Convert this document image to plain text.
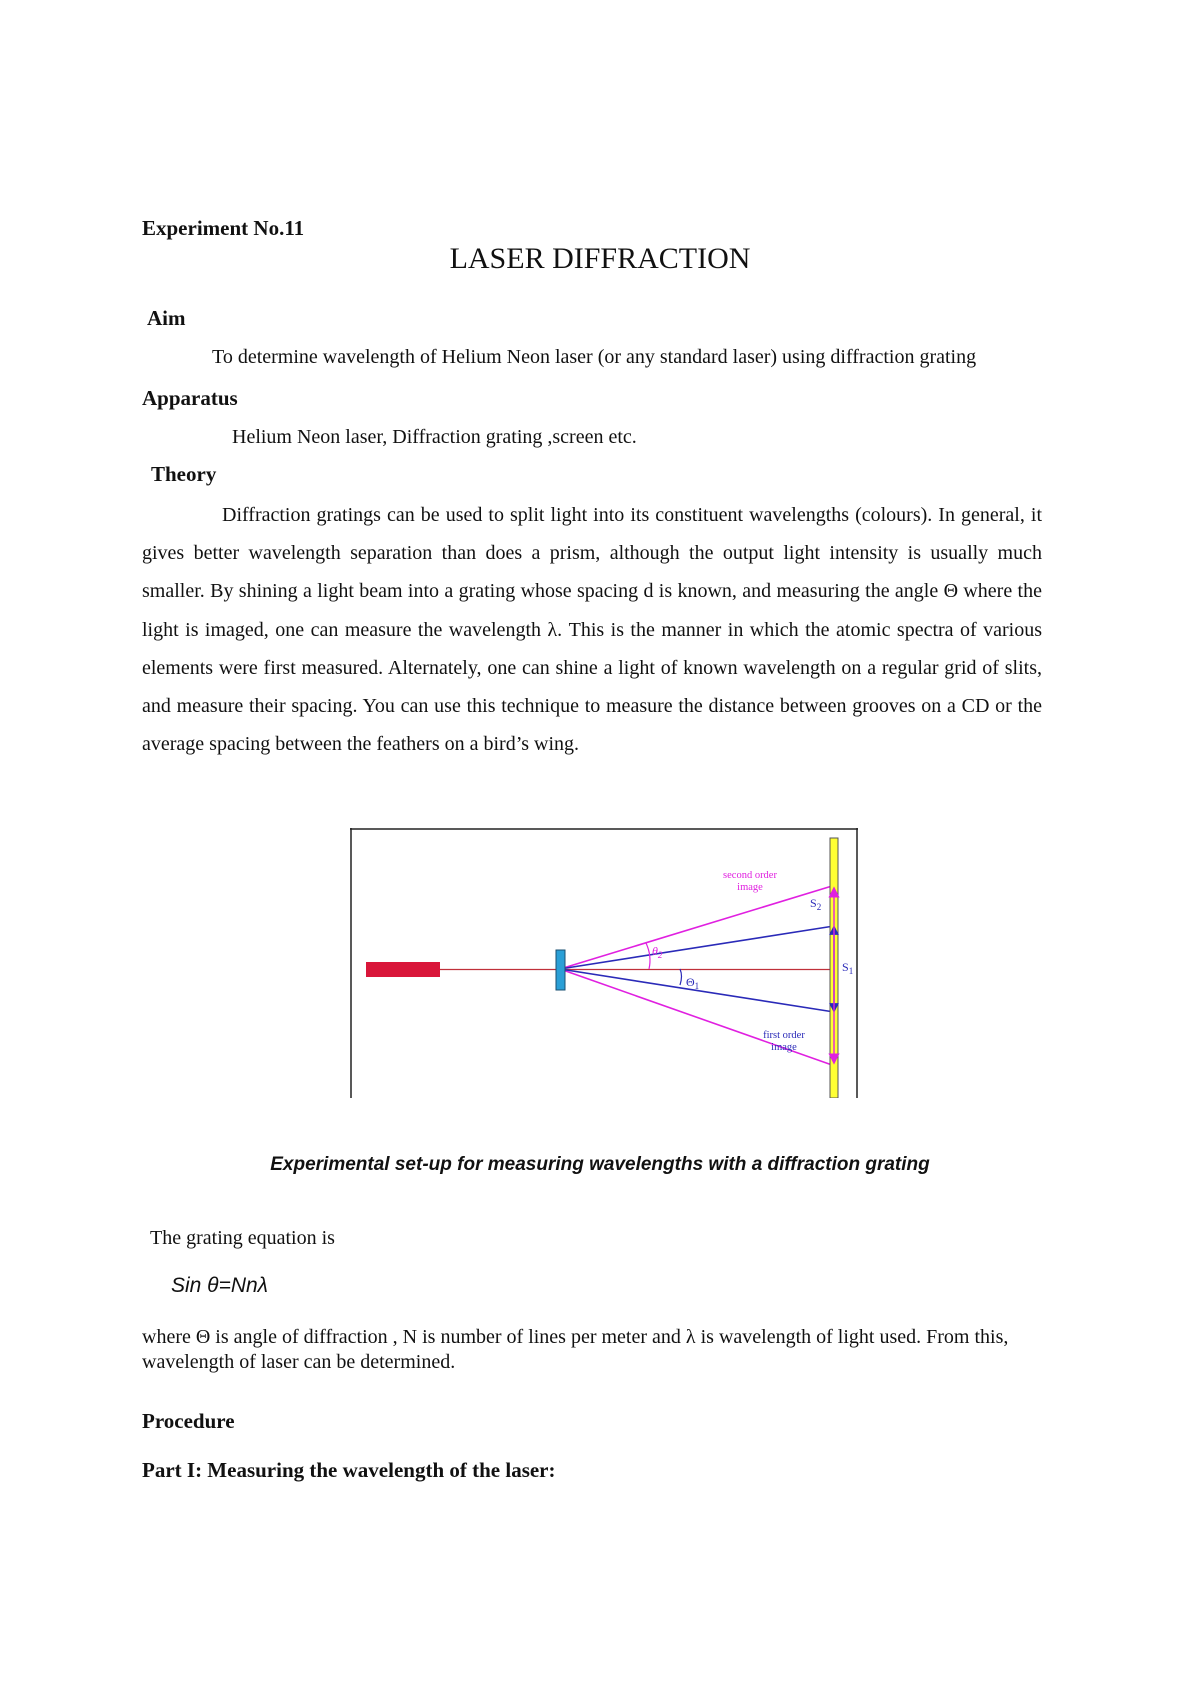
Experiment No.11
LASER DIFFRACTION
Aim
To determine wavelength of Helium Neon laser (or any standard laser) using diffraction grating
Apparatus
Helium Neon laser, Diffraction grating ,screen etc.
Theory
Diffraction gratings can be used to split light into its constituent wavelengths (colours). In general, it gives better wavelength separation than does a prism, although the output light intensity is usually much smaller. By shining a light beam into a grating whose spacing d is known, and measuring the angle Θ where the light is imaged, one can measure the wavelength λ. This is the manner in which the atomic spectra of various elements were first measured. Alternately, one can shine a light of known wavelength on a regular grid of slits, and measure their spacing. You can use this technique to measure the distance between grooves on a CD or the average spacing between the feathers on a bird’s wing.
second order
image
first order
image
$S_2$
$S_1$
$\theta_2$
$\Theta_1$
Experimental set-up for measuring wavelengths with a diffraction grating
The grating equation is
Sin θ=Nnλ
where Θ is angle of diffraction , N is number of lines per meter and λ is wavelength of light used. From this, wavelength of laser can be determined.
Procedure
Part I: Measuring the wavelength of the laser:
